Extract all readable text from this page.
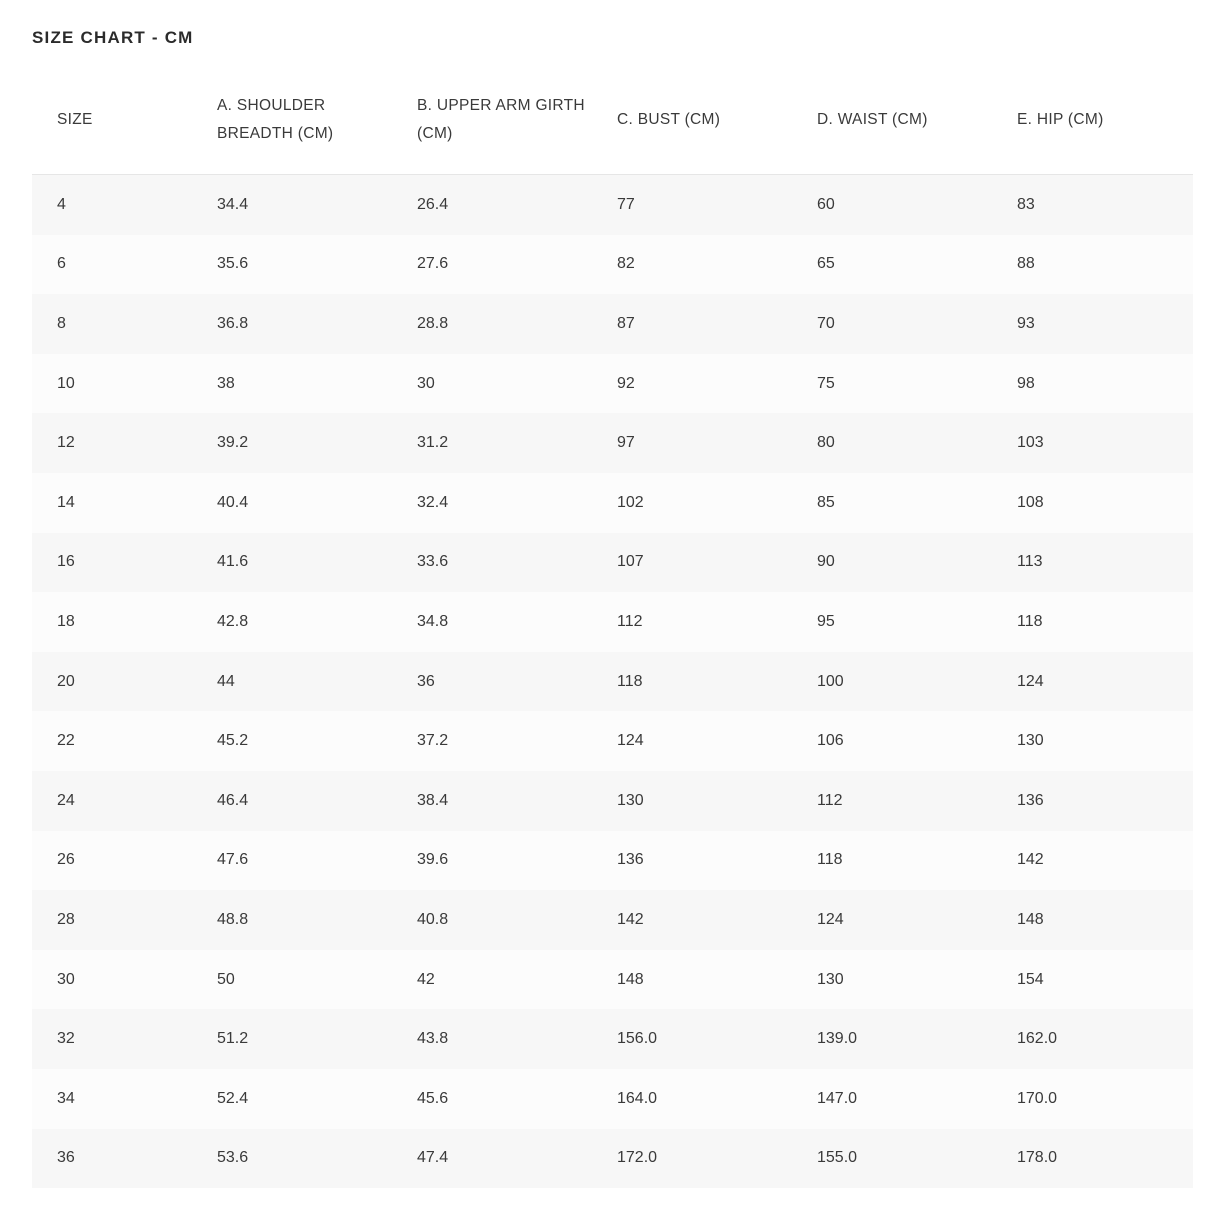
SIZE CHART - CM
SIZE	A. SHOULDER BREADTH (CM)	B. UPPER ARM GIRTH (CM)	C. BUST (CM)	D. WAIST (CM)	E. HIP (CM)
4	34.4	26.4	77	60	83
6	35.6	27.6	82	65	88
8	36.8	28.8	87	70	93
10	38	30	92	75	98
12	39.2	31.2	97	80	103
14	40.4	32.4	102	85	108
16	41.6	33.6	107	90	113
18	42.8	34.8	112	95	118
20	44	36	118	100	124
22	45.2	37.2	124	106	130
24	46.4	38.4	130	112	136
26	47.6	39.6	136	118	142
28	48.8	40.8	142	124	148
30	50	42	148	130	154
32	51.2	43.8	156.0	139.0	162.0
34	52.4	45.6	164.0	147.0	170.0
36	53.6	47.4	172.0	155.0	178.0
